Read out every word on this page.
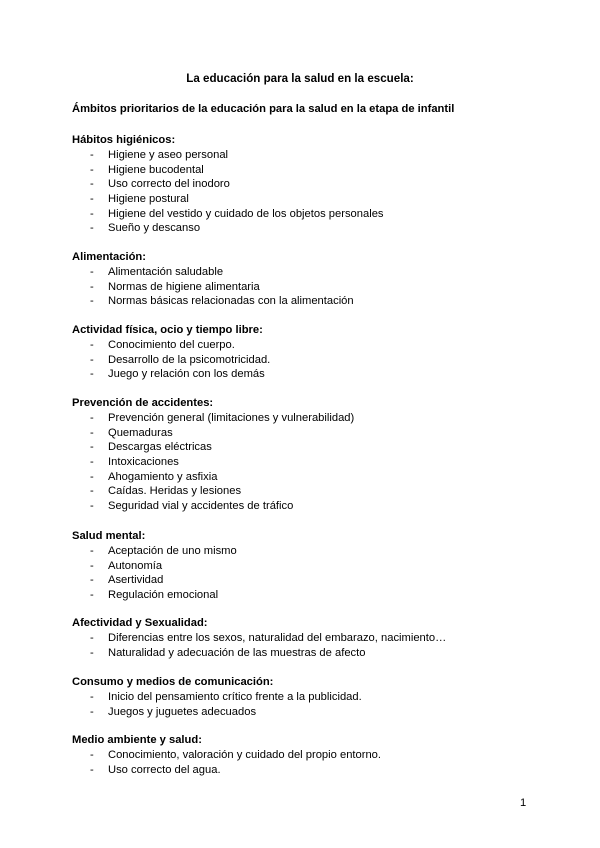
La educación para la salud en la escuela:
Ámbitos prioritarios de la educación para la salud en la etapa de infantil
Hábitos higiénicos:
- Higiene y aseo personal
- Higiene bucodental
- Uso correcto del inodoro
- Higiene postural
- Higiene del vestido y cuidado de los objetos personales
- Sueño y descanso
Alimentación:
- Alimentación saludable
- Normas de higiene alimentaria
- Normas básicas relacionadas con la alimentación
Actividad física, ocio y tiempo libre:
- Conocimiento del cuerpo.
- Desarrollo de la psicomotricidad.
- Juego y relación con los demás
Prevención de accidentes:
- Prevención general (limitaciones y vulnerabilidad)
- Quemaduras
- Descargas eléctricas
- Intoxicaciones
- Ahogamiento y asfixia
- Caídas. Heridas y lesiones
- Seguridad vial y accidentes de tráfico
Salud mental:
- Aceptación de uno mismo
- Autonomía
- Asertividad
- Regulación emocional
Afectividad y Sexualidad:
- Diferencias entre los sexos, naturalidad del embarazo, nacimiento…
- Naturalidad y adecuación de las muestras de afecto
Consumo y medios de comunicación:
- Inicio del pensamiento crítico frente a la publicidad.
- Juegos y juguetes adecuados
Medio ambiente y salud:
- Conocimiento, valoración y cuidado del propio entorno.
- Uso correcto del agua.
1
